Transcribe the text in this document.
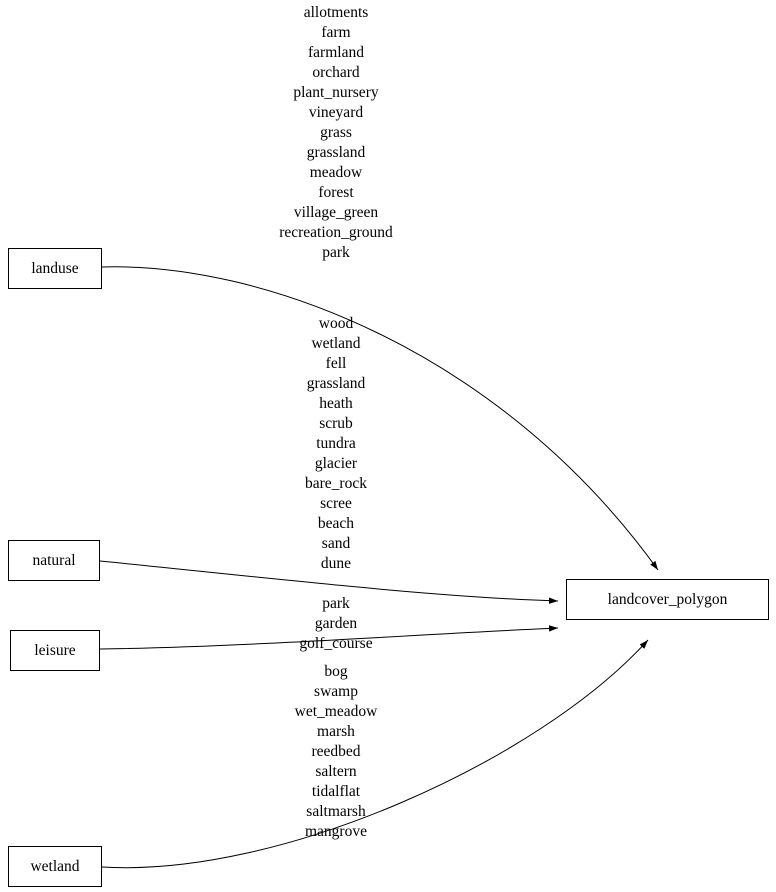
landuse
natural
leisure
wetland
landcover_polygon
allotments
farm
farmland
orchard
plant_nursery
vineyard
grass
grassland
meadow
forest
village_green
recreation_ground
park
wood
wetland
fell
grassland
heath
scrub
tundra
glacier
bare_rock
scree
beach
sand
dune
park
garden
golf_course
bog
swamp
wet_meadow
marsh
reedbed
saltern
tidalflat
saltmarsh
mangrove
